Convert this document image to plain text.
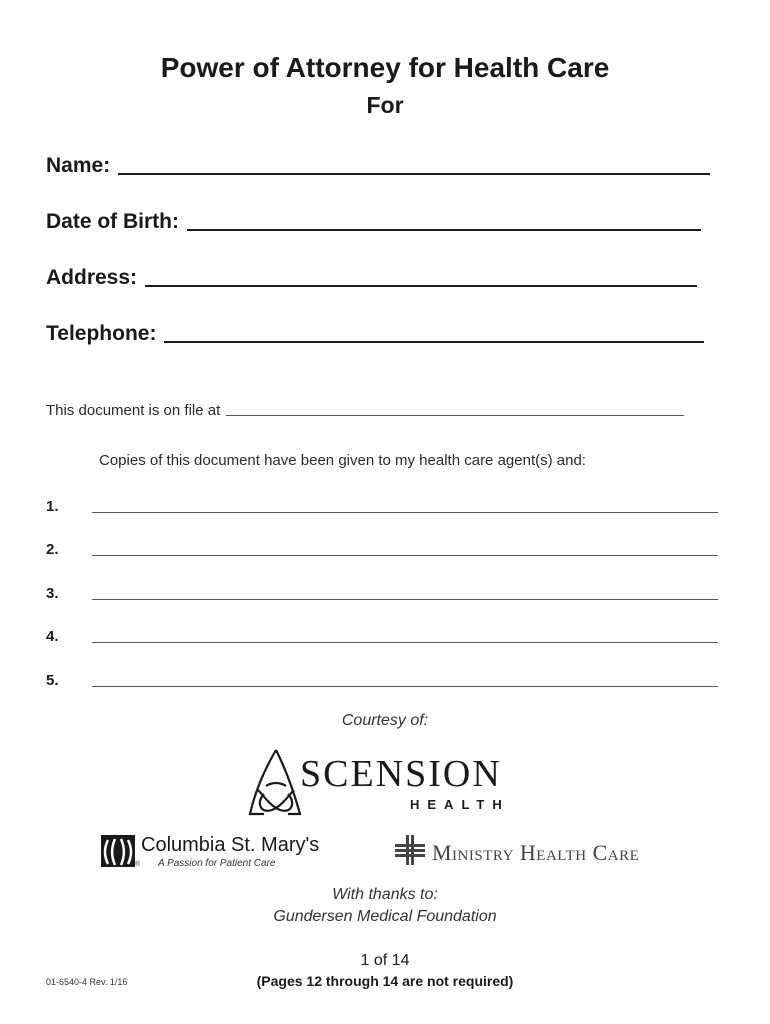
Power of Attorney for Health Care
For
Name:
Date of Birth:
Address:
Telephone:
This document is on file at
Copies of this document have been given to my health care agent(s) and:
1.
2.
3.
4.
5.
Courtesy of:
SCENSION
HEALTH
Columbia St. Mary's
® A Passion for Patient Care	Ministry Health Care
With thanks to:
Gundersen Medical Foundation
1 of 14
(Pages 12 through 14 are not required)
01-6540-4 Rev. 1/16
